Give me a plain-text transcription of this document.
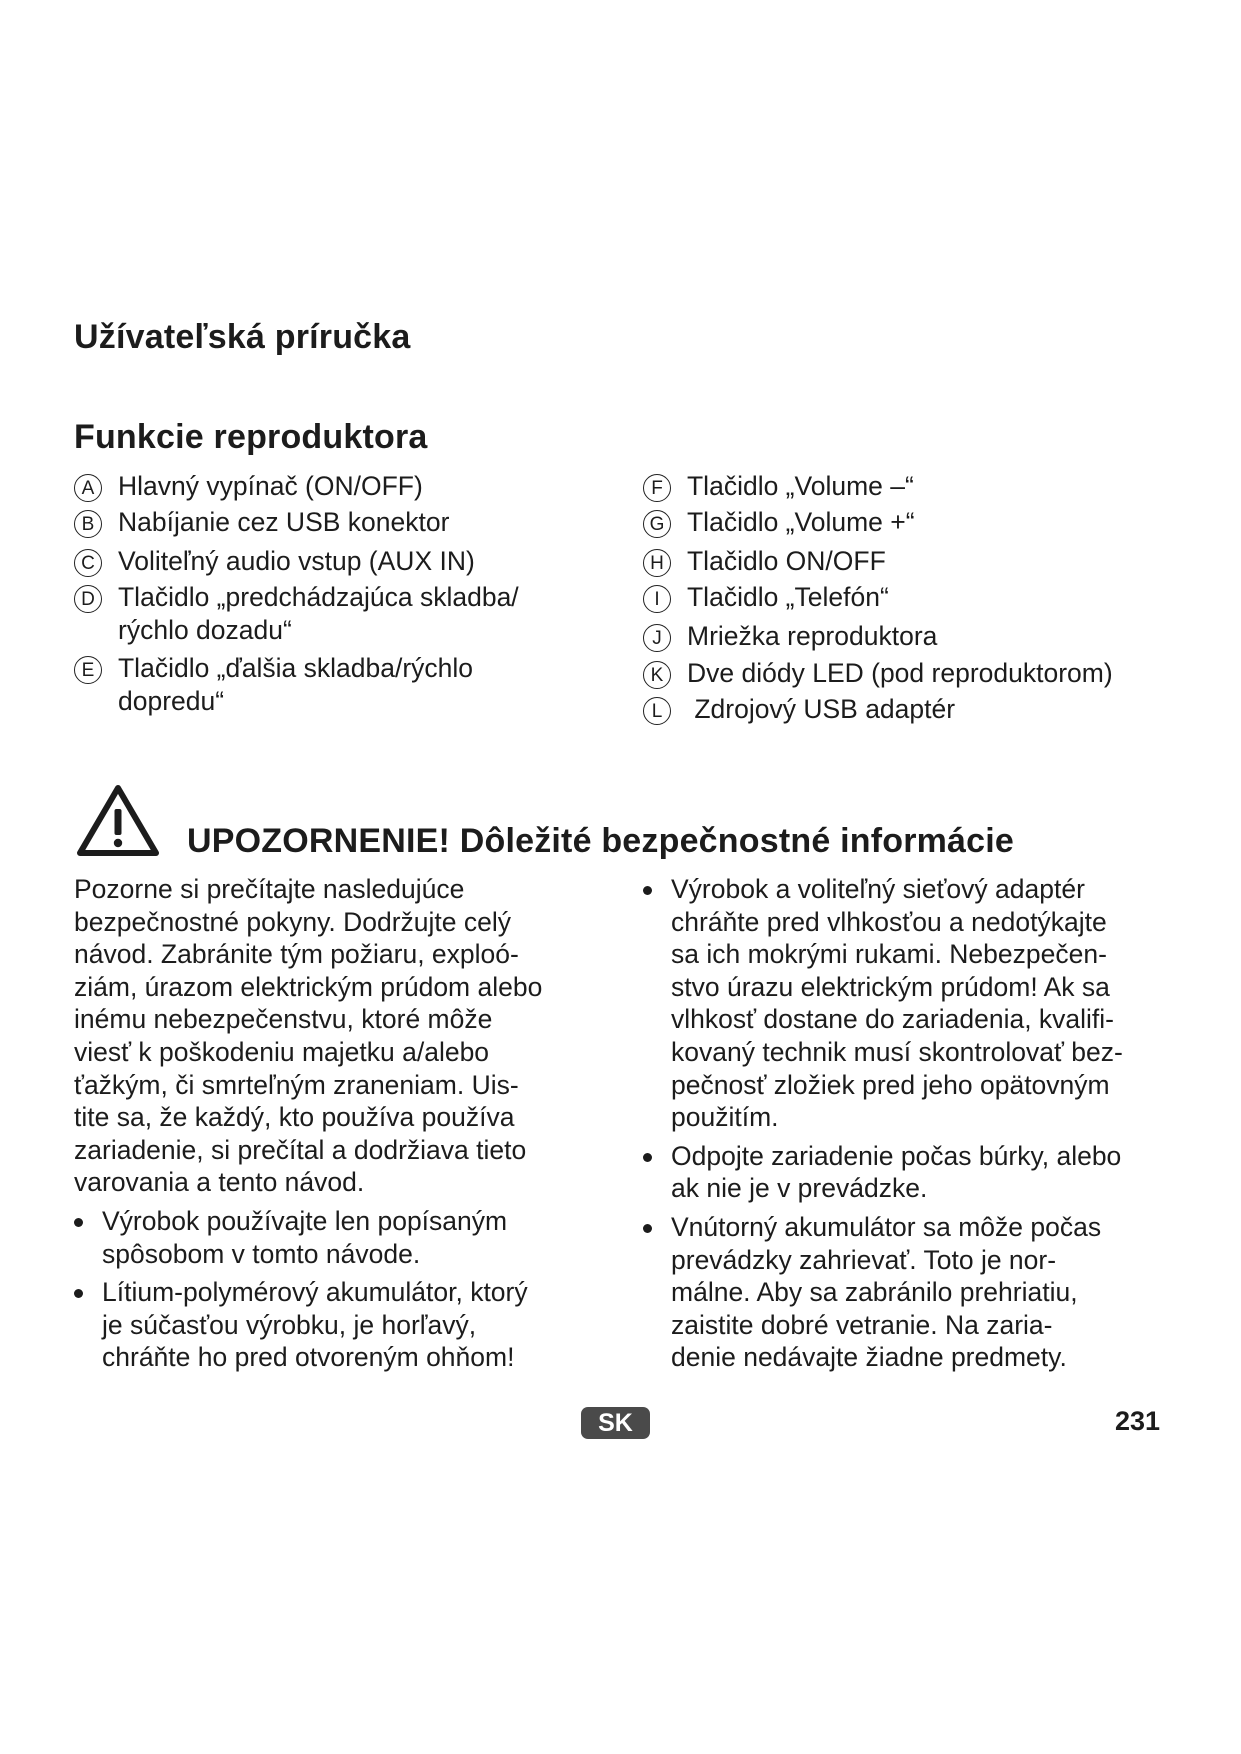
Užívateľská príručka
Funkcie reproduktora
A Hlavný vypínač (ON/OFF)
B Nabíjanie cez USB konektor
C Voliteľný audio vstup (AUX IN)
D Tlačidlo „predchádzajúca skladba/
rýchlo dozadu“
E Tlačidlo „ďalšia skladba/rýchlo
dopredu“
F Tlačidlo „Volume –“
G Tlačidlo „Volume +“
H Tlačidlo ON/OFF
I	Tlačidlo „Telefón“
J Mriežka reproduktora
K Dve diódy LED (pod reproduktorom)
L Zdrojový USB adaptér
UPOZORNENIE! Dôležité bezpečnostné informácie

Pozorne si prečítajte nasledujúce
bezpečnostné pokyny. Dodržujte celý
návod. Zabránite tým požiaru, exploó-
ziám, úrazom elektrickým prúdom alebo
inému nebezpečenstvu, ktoré môže
viesť k poškodeniu majetku a/alebo
ťažkým, či smrteľným zraneniam. Uis-
tite sa, že každý, kto používa používa
zariadenie, si prečítal a dodržiava tieto
varovania a tento návod.

Výrobok používajte len popísaným
spôsobom v tomto návode.
Lítium-polymérový akumulátor, ktorý
je súčasťou výrobku, je horľavý,
chráňte ho pred otvoreným ohňom!
Výrobok a voliteľný sieťový adaptér
chráňte pred vlhkosťou a nedotýkajte
sa ich mokrými rukami. Nebezpečen-
stvo úrazu elektrickým prúdom! Ak sa
vlhkosť dostane do zariadenia, kvalifi-
kovaný technik musí skontrolovať bez-
pečnosť zložiek pred jeho opätovným
použitím.
Odpojte zariadenie počas búrky, alebo
ak nie je v prevádzke.
Vnútorný akumulátor sa môže počas
prevádzky zahrievať. Toto je nor-
málne. Aby sa zabránilo prehriatiu,
zaistite dobré vetranie. Na zaria-
denie nedávajte žiadne predmety.
SK	231
